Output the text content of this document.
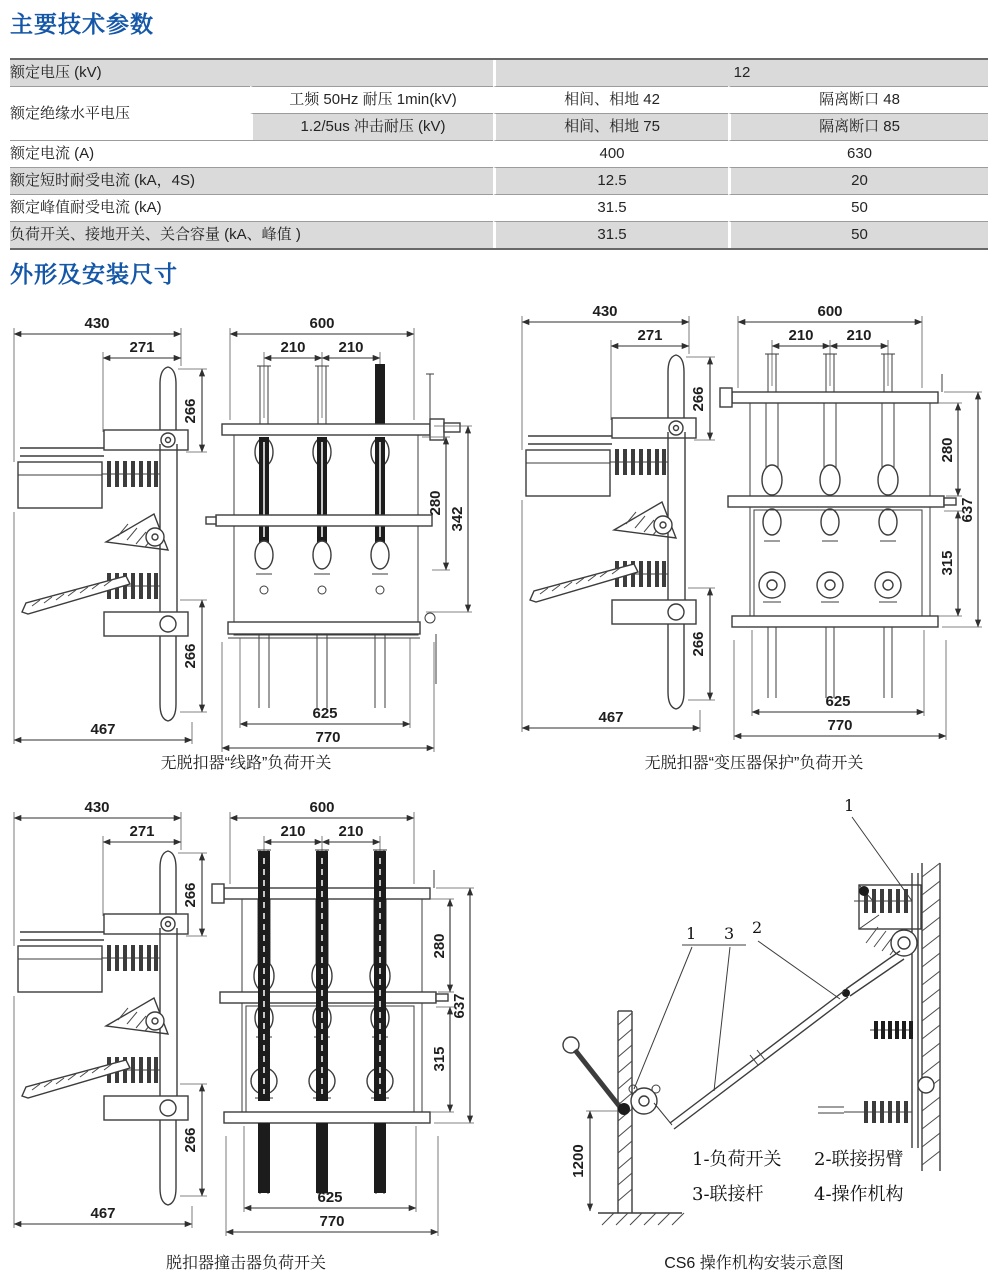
主要技术参数
额定电压 (kV)		12	
额定绝缘水平电压	工频 50Hz 耐压 1min(kV)	相间、相地 42	隔离断口 48
	1.2/5us 冲击耐压 (kV)	相间、相地 75	隔离断口 85
额定电流 (A)		400	630
额定短时耐受电流 (kA，4S)		12.5	20
额定峰值耐受电流 (kA)		31.5	50
负荷开关、接地开关、关合容量 (kA、峰值 )		31.5	50
外形及安装尺寸
600
210 210
280
342
625
770
1200
1
1 3 2
1-负荷开关 2-联接拐臂
3-联接杆	4-操作机构
无脱扣器“线路”负荷开关	无脱扣器“变压器保护”负荷开关
脱扣器撞击器负荷开关	CS6 操作机构安装示意图
